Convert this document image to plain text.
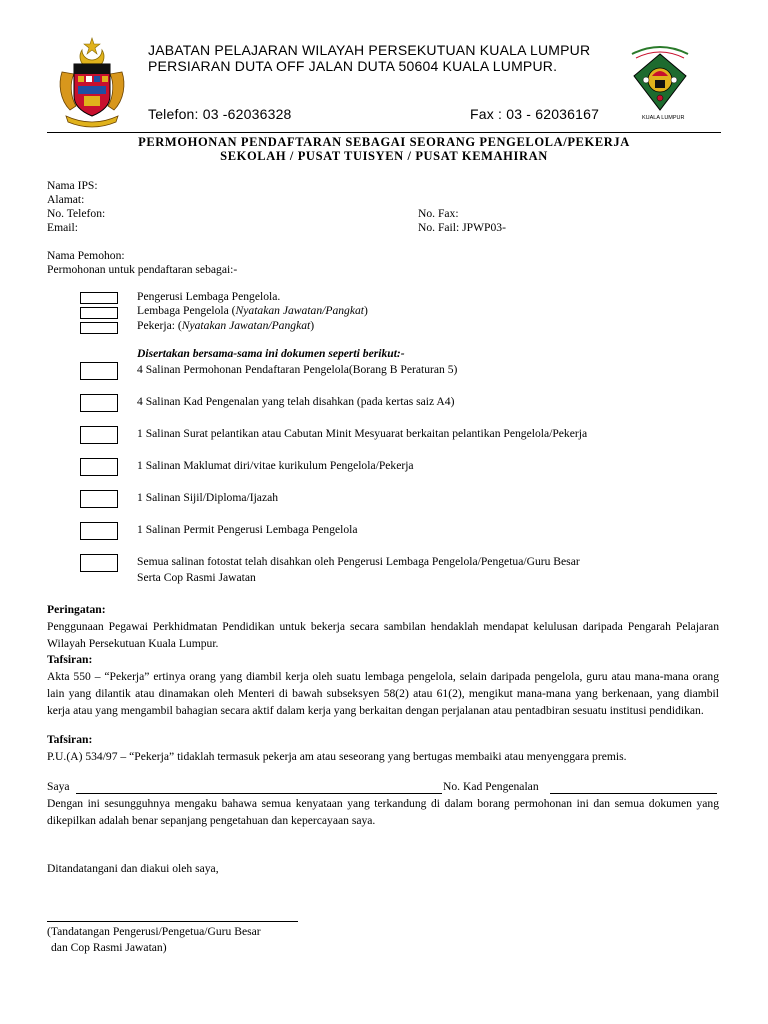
JABATAN PELAJARAN WILAYAH PERSEKUTUAN KUALA LUMPUR
PERSIARAN DUTA OFF JALAN DUTA 50604 KUALA LUMPUR.
Telefon: 03 -62036328	Fax : 03 - 62036167	KUALA LUMPUR
PERMOHONAN PENDAFTARAN SEBAGAI SEORANG PENGELOLA/PEKERJA
SEKOLAH / PUSAT TUISYEN / PUSAT KEMAHIRAN
Nama IPS:
Alamat:
No. Telefon:
Email:
No. Fax:
No. Fail: JPWP03-
Nama Pemohon:
Permohonan untuk pendaftaran sebagai:-
Pengerusi Lembaga Pengelola.
Lembaga Pengelola (Nyatakan Jawatan/Pangkat)
Pekerja: (Nyatakan Jawatan/Pangkat)
Disertakan bersama-sama ini dokumen seperti berikut:-
4 Salinan Permohonan Pendaftaran Pengelola(Borang B Peraturan 5)
4 Salinan Kad Pengenalan yang telah disahkan (pada kertas saiz A4)
1 Salinan Surat pelantikan atau Cabutan Minit Mesyuarat berkaitan pelantikan Pengelola/Pekerja
1 Salinan Maklumat diri/vitae kurikulum Pengelola/Pekerja
1 Salinan Sijil/Diploma/Ijazah
1 Salinan Permit Pengerusi Lembaga Pengelola
Semua salinan fotostat telah disahkan oleh Pengerusi Lembaga Pengelola/Pengetua/Guru Besar
Serta Cop Rasmi Jawatan
Peringatan:
Penggunaan Pegawai Perkhidmatan Pendidikan untuk bekerja secara sambilan hendaklah mendapat kelulusan daripada Pengarah Pelajaran Wilayah Persekutuan Kuala Lumpur.
Tafsiran:
Akta 550 – “Pekerja” ertinya orang yang diambil kerja oleh suatu lembaga pengelola, selain daripada pengelola, guru atau mana-mana orang lain yang dilantik atau dinamakan oleh Menteri di bawah subseksyen 58(2) atau 61(2), mengikut mana-mana yang berkenaan, yang diambil kerja atau yang mengambil bahagian secara aktif dalam kerja yang berkaitan dengan perjalanan atau pentadbiran sesuatu institusi pendidikan.
Tafsiran:
P.U.(A) 534/97 – “Pekerja” tidaklah termasuk pekerja am atau seseorang yang bertugas membaiki atau menyenggara premis.
Saya	No. Kad Pengenalan
Dengan ini sesungguhnya mengaku bahawa semua kenyataan yang terkandung di dalam borang permohonan ini dan semua dokumen yang dikepilkan adalah benar sepanjang pengetahuan dan kepercayaan saya.
Ditandatangani dan diakui oleh saya,
(Tandatangan Pengerusi/Pengetua/Guru Besar
dan Cop Rasmi Jawatan)
